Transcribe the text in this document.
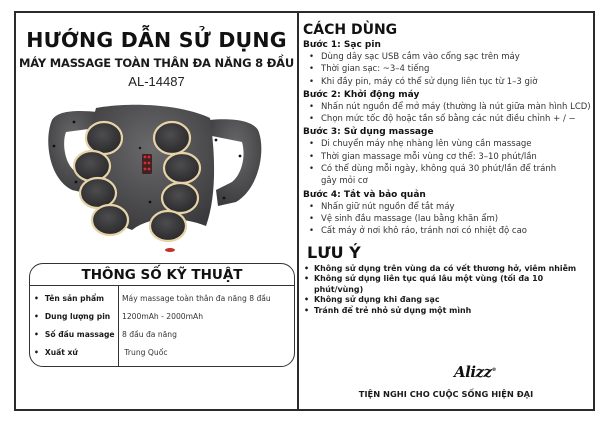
HƯỚNG DẪN SỬ DỤNG
MÁY MASSAGE TOÀN THÂN ĐA NĂNG 8 ĐẦU
AL-14487
THÔNG SỐ KỸ THUẬT
• Tên sản phẩm
• Dung lượng pin
• Số đầu massage
• Xuất xứ
Máy massage toàn thân đa năng 8 đầu
1200mAh - 2000mAh
8 đầu đa năng
Trung Quốc
CÁCH DÙNG
Bước 1: Sạc pin
• Dùng dây sạc USB cắm vào cổng sạc trên máy
• Thời gian sạc: ~3–4 tiếng
• Khi đầy pin, máy có thể sử dụng liên tục từ 1–3 giờ
Bước 2: Khởi động máy
• Nhấn nút nguồn để mở máy (thường là nút giữa màn hình LCD)
• Chọn mức tốc độ hoặc tần số bằng các nút điều chỉnh + / −
Bước 3: Sử dụng massage
• Di chuyển máy nhẹ nhàng lên vùng cần massage
• Thời gian massage mỗi vùng cơ thể: 3–10 phút/lần
• Có thể dùng mỗi ngày, không quá 30 phút/lần để tránh gây mỏi cơ
Bước 4: Tắt và bảo quản
• Nhấn giữ nút nguồn để tắt máy
• Vệ sinh đầu massage (lau bằng khăn ẩm)
• Cất máy ở nơi khô ráo, tránh nơi có nhiệt độ cao
LƯU Ý
• Không sử dụng trên vùng da có vết thương hở, viêm nhiễm
• Không sử dụng liên tục quá lâu một vùng (tối đa 10 phút/vùng)
• Không sử dụng khi đang sạc
• Tránh để trẻ nhỏ sử dụng một mình
Alizz®
TIỆN NGHI CHO CUỘC SỐNG HIỆN ĐẠI
